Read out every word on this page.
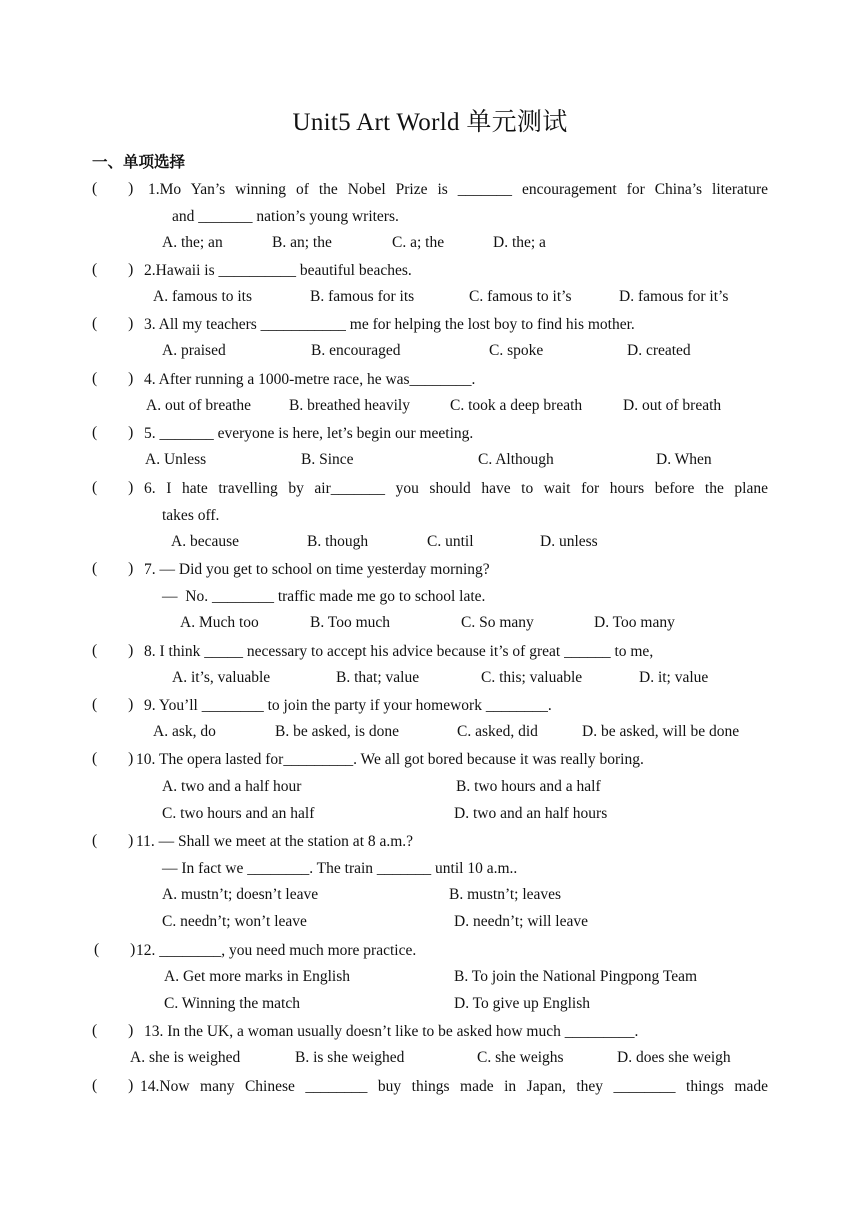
Unit5 Art World 单元测试
一、单项选择
(        ) 1.Mo Yan’s winning of the Nobel Prize is _______ encouragement for China’s literature
and _______ nation’s young writers.
A. the; an	B. an; the	C. a; the	D. the; a
(        ) 2.Hawaii is __________ beautiful beaches.
A. famous to its	B. famous for its	C. famous to it’s	D. famous for it’s
(        ) 3. All my teachers ___________ me for helping the lost boy to find his mother.
A. praised	B. encouraged	C. spoke	D. created
(        ) 4. After running a 1000-metre race, he was________.
A. out of breathe B. breathed heavily	C. took a deep breath	D. out of breath
(        ) 5. _______ everyone is here, let’s begin our meeting.
A. Unless	B. Since	C. Although	D. When
(        ) 6. I hate travelling by air_______ you should have to wait for hours before the plane
takes off.
A. because	B. though	C. until	D. unless
(        ) 7. — Did you get to school on time yesterday morning?
—  No. ________ traffic made me go to school late.
A. Much too	B. Too much	C. So many	D. Too many
(        ) 8. I think _____ necessary to accept his advice because it’s of great ______ to me,
A. it’s, valuable	B. that; value	C. this; valuable	D. it; value
(        ) 9. You’ll ________ to join the party if your homework ________.
A. ask, do	B. be asked, is done	C. asked, did	D. be asked, will be done
(        ) 10. The opera lasted for_________. We all got bored because it was really boring.
A. two and a half hour	B. two hours and a half
C. two hours and an half	D. two and an half hours
(        ) 11. — Shall we meet at the station at 8 a.m.?
— In fact we ________. The train _______ until 10 a.m..
A. mustn’t; doesn’t leave	B. mustn’t; leaves
C. needn’t; won’t leave	D. needn’t; will leave
(        ) 12. ________, you need much more practice.
A. Get more marks in English	B. To join the National Pingpong Team
C. Winning the match	D. To give up English
(        ) 13. In the UK, a woman usually doesn’t like to be asked how much _________.
A. she is weighed	B. is she weighed	C. she weighs	D. does she weigh
(        ) 14.Now many Chinese ________ buy things made in Japan, they ________ things made
